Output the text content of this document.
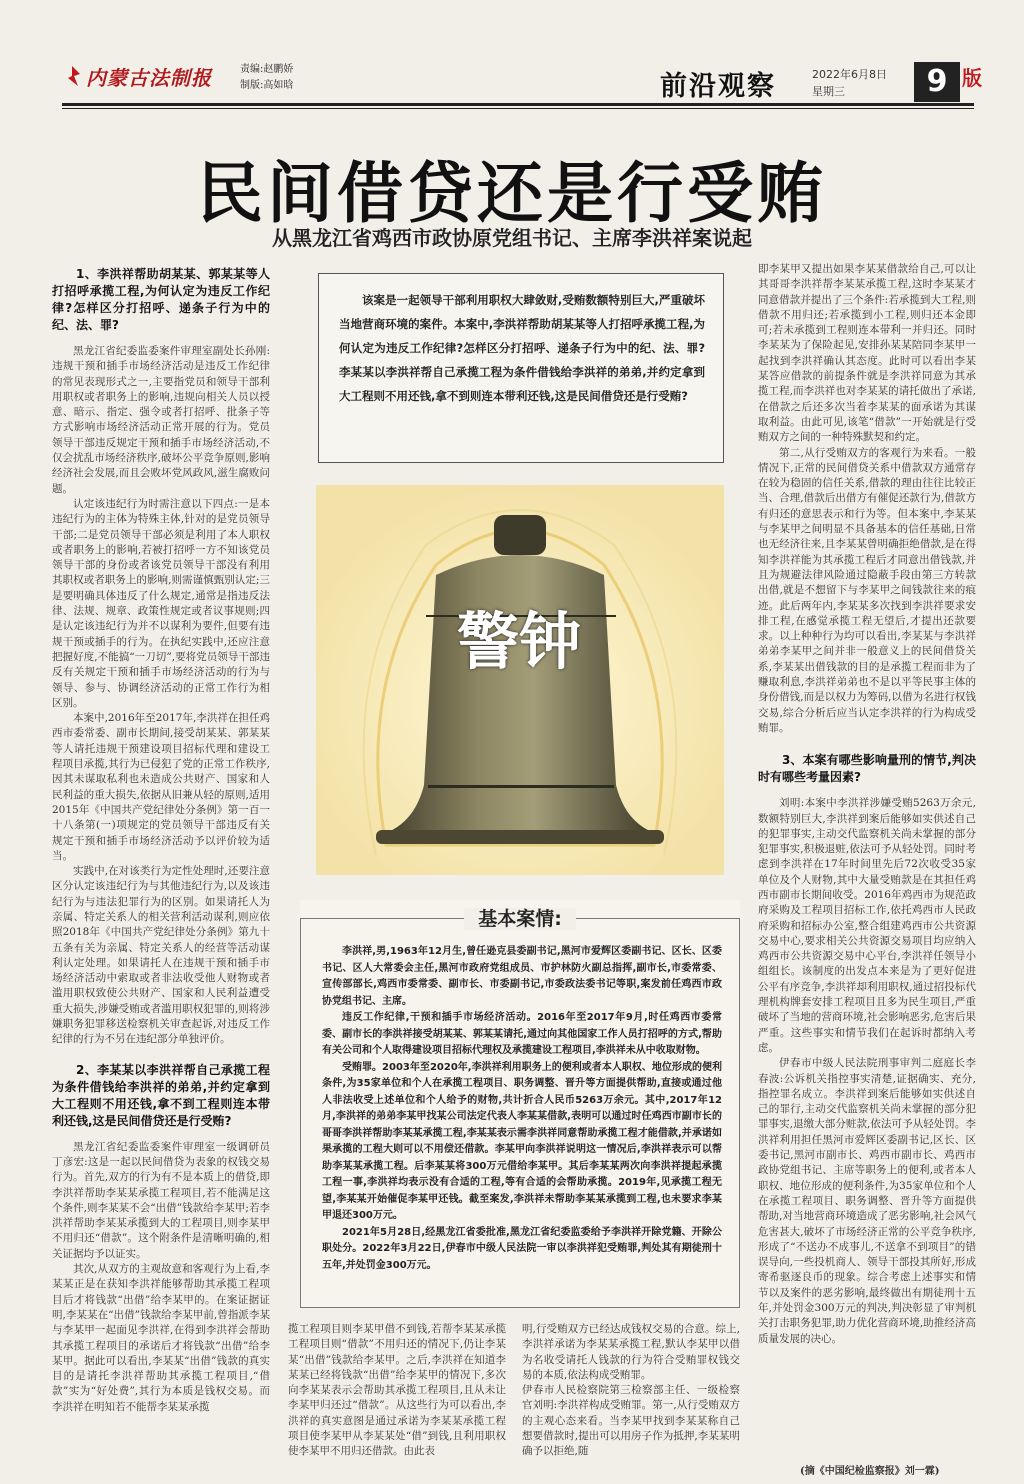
内蒙古法制报	责编:赵鹏娇
制版:高如晗	前沿观察	2022年6月8日
星期三	9 版
民间借贷还是行受贿
从黑龙江省鸡西市政协原党组书记、主席李洪祥案说起
1、李洪祥帮助胡某某、郭某某等人打招呼承揽工程,为何认定为违反工作纪律?怎样区分打招呼、递条子行为中的纪、法、罪?

黑龙江省纪委监委案件审理室副处长孙刚:违规干预和插手市场经济活动是违反工作纪律的常见表现形式之一,主要指党员和领导干部利用职权或者职务上的影响,违规向相关人员以授意、暗示、指定、强令或者打招呼、批条子等方式影响市场经济活动正常开展的行为。党员领导干部违反规定干预和插手市场经济活动,不仅会扰乱市场经济秩序,破坏公平竞争原则,影响经济社会发展,而且会败坏党风政风,滋生腐败问题。

认定该违纪行为时需注意以下四点:一是本违纪行为的主体为特殊主体,针对的是党员领导干部;二是党员领导干部必须是利用了本人职权或者职务上的影响,若被打招呼一方不知该党员领导干部的身份或者该党员领导干部没有利用其职权或者职务上的影响,则需谨慎甄别认定;三是要明确具体违反了什么规定,通常是指违反法律、法规、规章、政策性规定或者议事规则;四是认定该违纪行为并不以谋利为要件,但要有违规干预或插手的行为。在执纪实践中,还应注意把握好度,不能搞“一刀切”,要将党员领导干部违反有关规定干预和插手市场经济活动的行为与领导、参与、协调经济活动的正常工作行为相区别。

本案中,2016年至2017年,李洪祥在担任鸡西市委常委、副市长期间,接受胡某某、郭某某等人请托违规干预建设项目招标代理和建设工程项目承揽,其行为已侵犯了党的正常工作秩序,因其未谋取私利也未造成公共财产、国家和人民利益的重大损失,依据从旧兼从轻的原则,适用2015年《中国共产党纪律处分条例》第一百一十八条第(一)项规定的党员领导干部违反有关规定干预和插手市场经济活动予以评价较为适当。

实践中,在对该类行为定性处理时,还要注意区分认定该违纪行为与其他违纪行为,以及该违纪行为与违法犯罪行为的区别。如果请托人为亲属、特定关系人的相关营利活动谋利,则应依照2018年《中国共产党纪律处分条例》第九十五条有关为亲属、特定关系人的经营等活动谋利认定处理。如果请托人在违规干预和插手市场经济活动中索取或者非法收受他人财物或者滥用职权致使公共财产、国家和人民利益遭受重大损失,涉嫌受贿或者滥用职权犯罪的,则将涉嫌职务犯罪移送检察机关审查起诉,对违反工作纪律的行为不另在违纪部分单独评价。

2、李某某以李洪祥帮自己承揽工程为条件借钱给李洪祥的弟弟,并约定拿到大工程则不用还钱,拿不到工程则连本带利还钱,这是民间借贷还是行受贿?

黑龙江省纪委监委案件审理室一级调研员丁彦宏:这是一起以民间借贷为表象的权钱交易行为。首先,双方的行为有不是本质上的借贷,即李洪祥帮助李某某承揽工程项目,若不能满足这个条件,则李某某不会“出借”钱款给李某甲;若李洪祥帮助李某某承揽到大的工程项目,则李某甲不用归还“借款”。这个附条件是清晰明确的,相关证据均予以证实。

其次,从双方的主观故意和客观行为上看,李某某正是在获知李洪祥能够帮助其承揽工程项目后才将钱款“出借”给李某甲的。在案证据证明,李某某在“出借”钱款给李某甲前,曾指派李某与李某甲一起面见李洪祥,在得到李洪祥会帮助其承揽工程项目的承诺后才将钱款“出借”给李某甲。据此可以看出,李某某“出借”钱款的真实目的是请托李洪祥帮助其承揽工程项目,“借款”实为“好处费”,其行为本质是钱权交易。而李洪祥在明知若不能帮李某某承揽

该案是一起领导干部利用职权大肆敛财,受贿数额特别巨大,严重破坏当地营商环境的案件。本案中,李洪祥帮助胡某某等人打招呼承揽工程,为何认定为违反工作纪律?怎样区分打招呼、递条子行为中的纪、法、罪?李某某以李洪祥帮自己承揽工程为条件借钱给李洪祥的弟弟,并约定拿到大工程则不用还钱,拿不到则连本带利还钱,这是民间借贷还是行受贿?
警钟
基本案情:

李洪祥,男,1963年12月生,曾任逊克县委副书记,黑河市爱辉区委副书记、区长、区委书记、区人大常委会主任,黑河市政府党组成员、市护林防火副总指挥,副市长,市委常委、宣传部部长,鸡西市委常委、副市长、市委副书记,市委政法委书记等职,案发前任鸡西市政协党组书记、主席。

违反工作纪律,干预和插手市场经济活动。2016年至2017年9月,时任鸡西市委常委、副市长的李洪祥接受胡某某、郭某某请托,通过向其他国家工作人员打招呼的方式,帮助有关公司和个人取得建设项目招标代理权及承揽建设工程项目,李洪祥未从中收取财物。

受贿罪。2003年至2020年,李洪祥利用职务上的便利或者本人职权、地位形成的便利条件,为35家单位和个人在承揽工程项目、职务调整、晋升等方面提供帮助,直接或通过他人非法收受上述单位和个人给予的财物,共计折合人民币5263万余元。其中,2017年12月,李洪祥的弟弟李某甲找某公司法定代表人李某某借款,表明可以通过时任鸡西市副市长的哥哥李洪祥帮助李某某承揽工程,李某某表示需李洪祥同意帮助承揽工程才能借款,并承诺如果承揽的工程大则可以不用偿还借款。李某甲向李洪祥说明这一情况后,李洪祥表示可以帮助李某某承揽工程。后李某某将300万元借给李某甲。其后李某某两次向李洪祥提起承揽工程一事,李洪祥均表示没有合适的工程,等有合适的会帮助承揽。2019年,见承揽工程无望,李某某开始催促李某甲还钱。截至案发,李洪祥未帮助李某某承揽到工程,也未要求李某甲退还300万元。

2021年5月28日,经黑龙江省委批准,黑龙江省纪委监委给予李洪祥开除党籍、开除公职处分。2022年3月22日,伊春市中级人民法院一审以李洪祥犯受贿罪,判处其有期徒刑十五年,并处罚金300万元。

揽工程项目则李某甲借不到钱,若帮李某某承揽工程项目则“借款”不用归还的情况下,仍让李某某“出借”钱款给李某甲。之后,李洪祥在知道李某某已经将钱款“出借”给李某甲的情况下,多次向李某某表示会帮助其承揽工程项目,且从未让李某甲归还过“借款”。从这些行为可以看出,李洪祥的真实意图是通过承诺为李某某承揽工程项目使李某甲从李某某处“借”到钱,且利用职权使李某甲不用归还借款。由此表

明,行受贿双方已经达成钱权交易的合意。综上,李洪祥承诺为李某某承揽工程,默认李某甲以借为名收受请托人钱款的行为符合受贿罪权钱交易的本质,依法构成受贿罪。
伊春市人民检察院第三检察部主任、一级检察官刘明:李洪祥构成受贿罪。第一,从行受贿双方的主观心态来看。当李某甲找到李某某称自己想要借款时,提出可以用房子作为抵押,李某某明确予以拒绝,随

即李某甲又提出如果李某某借款给自己,可以让其哥哥李洪祥帮李某某承揽工程,这时李某某才同意借款并提出了三个条件:若承揽到大工程,则借款不用归还;若承揽到小工程,则归还本金即可;若未承揽到工程则连本带利一并归还。同时李某某为了保险起见,安排孙某某陪同李某甲一起找到李洪祥确认其态度。此时可以看出李某某答应借款的前提条件就是李洪祥同意为其承揽工程,而李洪祥也对李某某的请托做出了承诺,在借款之后还多次当着李某某的面承诺为其谋取利益。由此可见,该笔“借款”一开始就是行受贿双方之间的一种特殊默契和约定。

第二,从行受贿双方的客观行为来看。一般情况下,正常的民间借贷关系中借款双方通常存在较为稳固的信任关系,借款的理由往往比较正当、合理,借款后出借方有催促还款行为,借款方有归还的意思表示和行为等。但本案中,李某某与李某甲之间明显不具备基本的信任基础,日常也无经济往来,且李某某曾明确拒绝借款,是在得知李洪祥能为其承揽工程后才同意出借钱款,并且为规避法律风险通过隐蔽手段由第三方转款出借,就是不想留下与李某甲之间钱款往来的痕迹。此后两年内,李某某多次找到李洪祥要求安排工程,在感觉承揽工程无望后,才提出还款要求。以上种种行为均可以看出,李某某与李洪祥弟弟李某甲之间并非一般意义上的民间借贷关系,李某某出借钱款的目的是承揽工程而非为了赚取利息,李洪祥弟弟也不是以平等民事主体的身份借钱,而是以权力为筹码,以借为名进行权钱交易,综合分析后应当认定李洪祥的行为构成受贿罪。

3、本案有哪些影响量刑的情节,判决时有哪些考量因素?

刘明:本案中李洪祥涉嫌受贿5263万余元,数额特别巨大,李洪祥到案后能够如实供述自己的犯罪事实,主动交代监察机关尚未掌握的部分犯罪事实,积极退赃,依法可予从轻处罚。同时考虑到李洪祥在17年时间里先后72次收受35家单位及个人财物,其中大量受贿款是在其担任鸡西市副市长期间收受。2016年鸡西市为规范政府采购及工程项目招标工作,依托鸡西市人民政府采购和招标办公室,整合组建鸡西市公共资源交易中心,要求相关公共资源交易项目均应纳入鸡西市公共资源交易中心平台,李洪祥任领导小组组长。该制度的出发点本来是为了更好促进公平有序竞争,李洪祥却利用职权,通过招投标代理机构牌套安排工程项目且多为民生项目,严重破坏了当地的营商环境,社会影响恶劣,危害后果严重。这些事实和情节我们在起诉时都纳入考虑。

伊春市中级人民法院刑事审判二庭庭长李春波:公诉机关指控事实清楚,证据确实、充分,指控罪名成立。李洪祥到案后能够如实供述自己的罪行,主动交代监察机关尚未掌握的部分犯罪事实,退缴大部分赃款,依法可予从轻处罚。李洪祥利用担任黑河市爱辉区委副书记,区长、区委书记,黑河市副市长、鸡西市副市长、鸡西市政协党组书记、主席等职务上的便利,或者本人职权、地位形成的便利条件,为35家单位和个人在承揽工程项目、职务调整、晋升等方面提供帮助,对当地营商环境造成了恶劣影响,社会风气危害甚大,破坏了市场经济正常的公平竞争秩序,形成了“不送办不成事儿,不送拿不到项目”的错误导向,一些投机商人、领导干部投其所好,形成寄希驱逐良币的现象。综合考虑上述事实和情节以及案件的恶劣影响,最终做出有期徒刑十五年,并处罚金300万元的判决,判决彰显了审判机关打击职务犯罪,助力优化营商环境,助推经济高质量发展的决心。

(摘《中国纪检监察报》刘一霖)
